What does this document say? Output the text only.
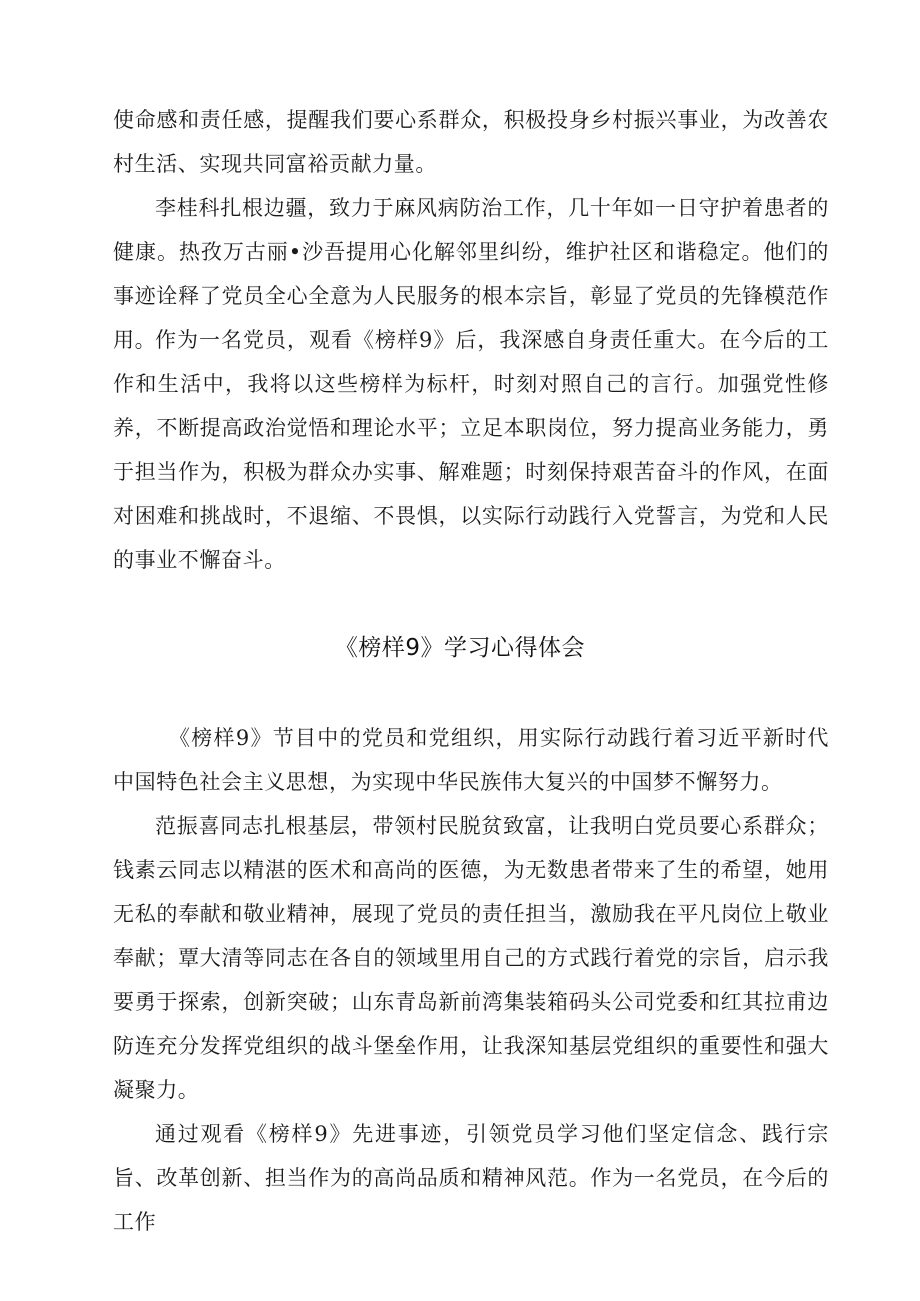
使命感和责任感，提醒我们要心系群众，积极投身乡村振兴事业，为改善农村生活、实现共同富裕贡献力量。

李桂科扎根边疆，致力于麻风病防治工作，几十年如一日守护着患者的健康。热孜万古丽•沙吾提用心化解邻里纠纷，维护社区和谐稳定。他们的事迹诠释了党员全心全意为人民服务的根本宗旨，彰显了党员的先锋模范作用。

作为一名党员，观看《榜样9》后，我深感自身责任重大。在今后的工作和生活中，我将以这些榜样为标杆，时刻对照自己的言行。加强党性修养，不断提高政治觉悟和理论水平；立足本职岗位，努力提高业务能力，勇于担当作为，积极为群众办实事、解难题；时刻保持艰苦奋斗的作风，在面对困难和挑战时，不退缩、不畏惧，以实际行动践行入党誓言，为党和人民的事业不懈奋斗。

《榜样9》学习心得体会

《榜样9》节目中的党员和党组织，用实际行动践行着习近平新时代中国特色社会主义思想，为实现中华民族伟大复兴的中国梦不懈努力。

范振喜同志扎根基层，带领村民脱贫致富，让我明白党员要心系群众；钱素云同志以精湛的医术和高尚的医德，为无数患者带来了生的希望，她用无私的奉献和敬业精神，展现了党员的责任担当，激励我在平凡岗位上敬业奉献；覃大清等同志在各自的领域里用自己的方式践行着党的宗旨，启示我要勇于探索，创新突破；山东青岛新前湾集装箱码头公司党委和红其拉甫边防连充分发挥党组织的战斗堡垒作用，让我深知基层党组织的重要性和强大凝聚力。

通过观看《榜样9》先进事迹，引领党员学习他们坚定信念、践行宗旨、改革创新、担当作为的高尚品质和精神风范。作为一名党员，在今后的工作
